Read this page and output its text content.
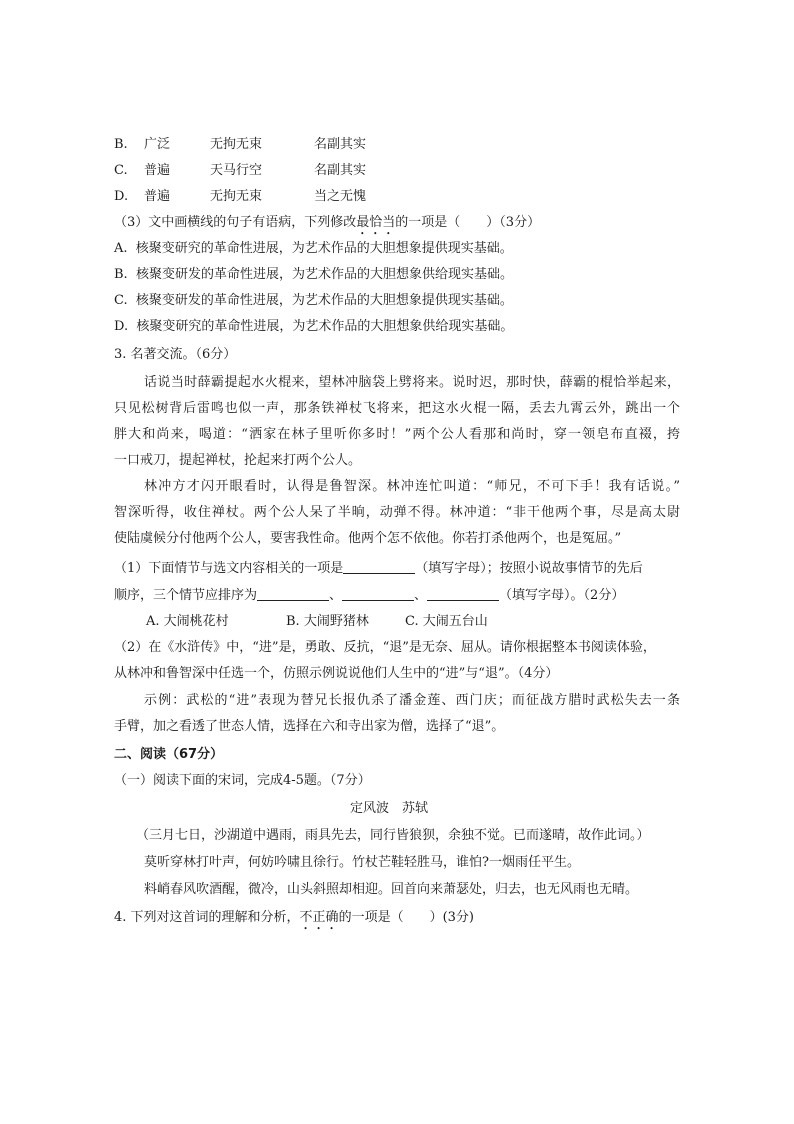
B. 广泛	无拘无束	名副其实
C. 普遍	天马行空	名副其实
D. 普遍	无拘无束	当之无愧
（3）文中画横线的句子有语病，下列修改最恰当的一项是（　　）（3分）
A.  核聚变研究的革命性进展，为艺术作品的大胆想象提供现实基础。
B.  核聚变研发的革命性进展，为艺术作品的大胆想象供给现实基础。
C.  核聚变研发的革命性进展，为艺术作品的大胆想象提供现实基础。
D.  核聚变研究的革命性进展，为艺术作品的大胆想象供给现实基础。
3. 名著交流。（6分）
话说当时薛霸提起水火棍来，望林冲脑袋上劈将来。说时迟，那时快，薛霸的棍恰举起来，
只见松树背后雷鸣也似一声，那条铁禅杖飞将来，把这水火棍一隔，丢去九霄云外，跳出一个
胖大和尚来，喝道：“洒家在林子里听你多时！”两个公人看那和尚时，穿一领皂布直裰，挎
一口戒刀，提起禅杖，抡起来打两个公人。
林冲方才闪开眼看时，认得是鲁智深。林冲连忙叫道：“师兄，不可下手！我有话说。”
智深听得，收住禅杖。两个公人呆了半晌，动弹不得。林冲道：“非干他两个事，尽是高太尉
使陆虞候分付他两个公人，要害我性命。他两个怎不依他。你若打杀他两个，也是冤屈。”
（1）下面情节与选文内容相关的一项是	（填写字母）；按照小说故事情节的先后
顺序，三个情节应排序为	、	、	（填写字母）。（2分）
A. 大闹桃花村	B. 大闹野猪林	C. 大闹五台山
（2）在《水浒传》中，“进”是，勇敢、反抗，“退”是无奈、屈从。请你根据整本书阅读体验，
从林冲和鲁智深中任选一个，仿照示例说说他们人生中的“进”与“退”。（4分）
示例：武松的“进”表现为替兄长报仇杀了潘金莲、西门庆；而征战方腊时武松失去一条
手臂，加之看透了世态人情，选择在六和寺出家为僧，选择了“退”。
二、阅读（67分）
（一）阅读下面的宋词，完成4-5题。（7分）
定风波　苏轼
（三月七日，沙湖道中遇雨，雨具先去，同行皆狼狈，余独不觉。已而遂晴，故作此词。）
莫听穿林打叶声，何妨吟啸且徐行。竹杖芒鞋轻胜马，谁怕?一烟雨任平生。
料峭春风吹酒醒，微冷，山头斜照却相迎。回首向来萧瑟处，归去，也无风雨也无晴。
4. 下列对这首词的理解和分析，不正确的一项是（　　）(3分)
